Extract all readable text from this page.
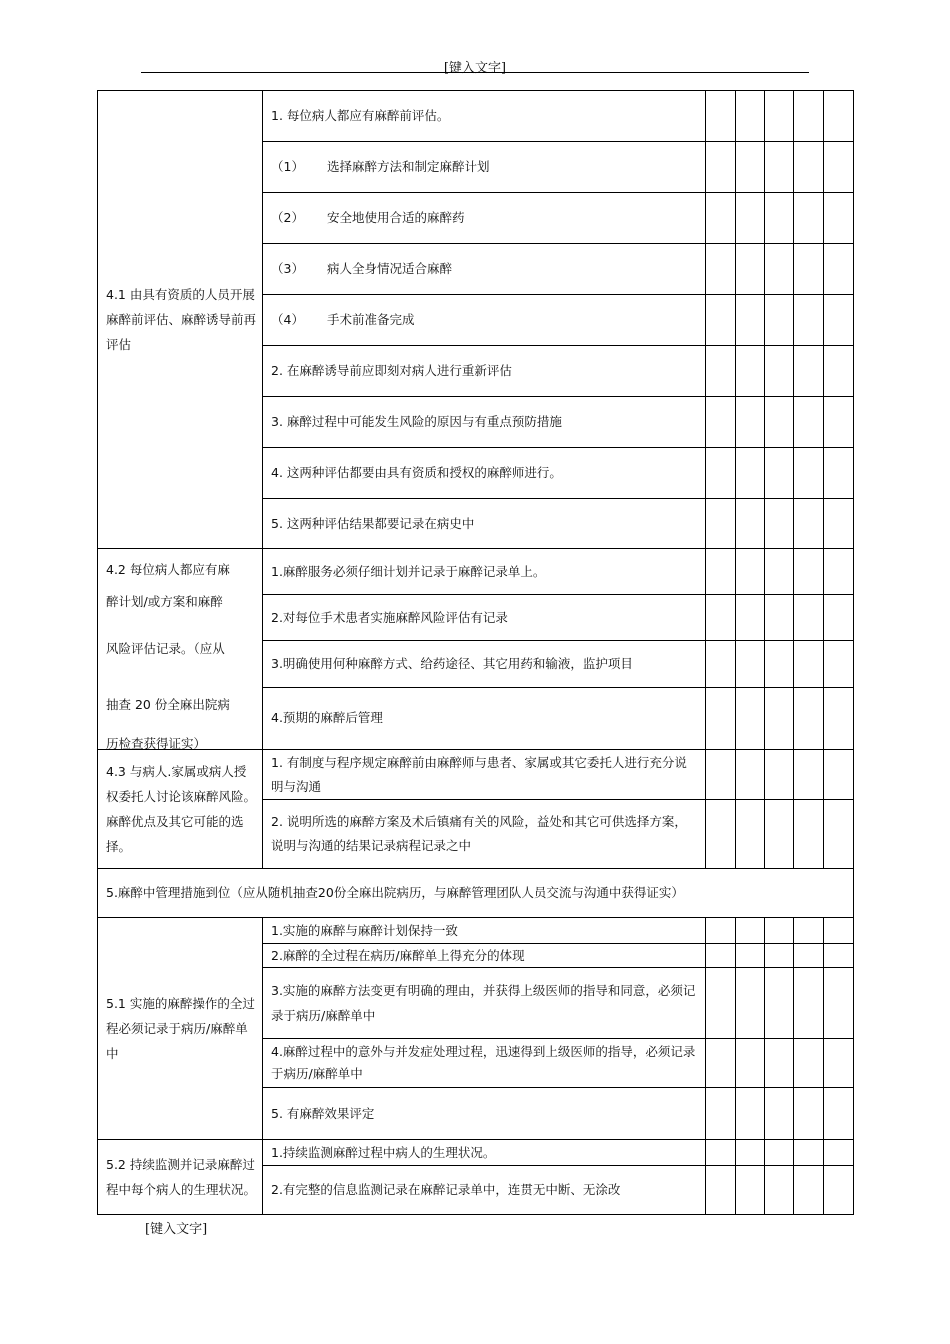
[键入文字]
4.1 由具有资质的人员开展麻醉前评估、麻醉诱导前再评估	1. 每位病人都应有麻醉前评估。					
	（1） 选择麻醉方法和制定麻醉计划					
	（2） 安全地使用合适的麻醉药					
	（3） 病人全身情况适合麻醉					
	（4） 手术前准备完成					
	2. 在麻醉诱导前应即刻对病人进行重新评估					
	3. 麻醉过程中可能发生风险的原因与有重点预防措施					
	4. 这两种评估都要由具有资质和授权的麻醉师进行。					
	5. 这两种评估结果都要记录在病史中					

4.2 每位病人都应有麻
醉计划/或方案和麻醉
风险评估记录。（应从
抽查 20 份全麻出院病
历检查获得证实）	1.麻醉服务必须仔细计划并记录于麻醉记录单上。					
	2.对每位手术患者实施麻醉风险评估有记录					
	3.明确使用何种麻醉方式、给药途径、其它用药和输液，监护项目					
	4.预期的麻醉后管理					
4.3 与病人.家属或病人授权委托人讨论该麻醉风险。麻醉优点及其它可能的选择。	1. 有制度与程序规定麻醉前由麻醉师与患者、家属或其它委托人进行充分说明与沟通					
	2. 说明所选的麻醉方案及术后镇痛有关的风险，益处和其它可供选择方案，说明与沟通的结果记录病程记录之中					
5.麻醉中管理措施到位（应从随机抽查20份全麻出院病历，与麻醉管理团队人员交流与沟通中获得证实）						
5.1 实施的麻醉操作的全过程必须记录于病历/麻醉单中	1.实施的麻醉与麻醉计划保持一致					
	2.麻醉的全过程在病历/麻醉单上得充分的体现					
	3.实施的麻醉方法变更有明确的理由，并获得上级医师的指导和同意，必须记录于病历/麻醉单中					
	4.麻醉过程中的意外与并发症处理过程，迅速得到上级医师的指导，必须记录于病历/麻醉单中					
	5. 有麻醉效果评定					
5.2 持续监测并记录麻醉过程中每个病人的生理状况。	1.持续监测麻醉过程中病人的生理状况。					
	2.有完整的信息监测记录在麻醉记录单中，连贯无中断、无涂改					
[键入文字]
